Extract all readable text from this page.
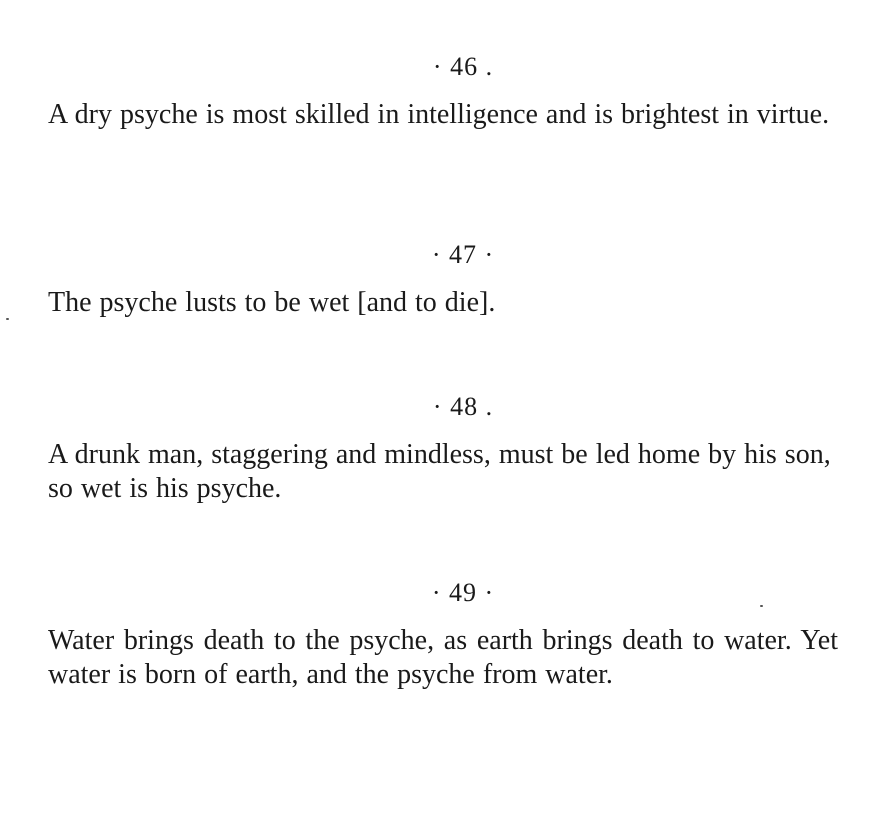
· 46 .
A dry psyche is most skilled in intelligence and is brightest in virtue.
· 47 ·
The psyche lusts to be wet [and to die].
· 48 .
A drunk man, staggering and mindless, must be led home by his son, so wet is his psyche.
· 49 ·
Water brings death to the psyche, as earth brings death to water. Yet water is born of earth, and the psyche from water.
